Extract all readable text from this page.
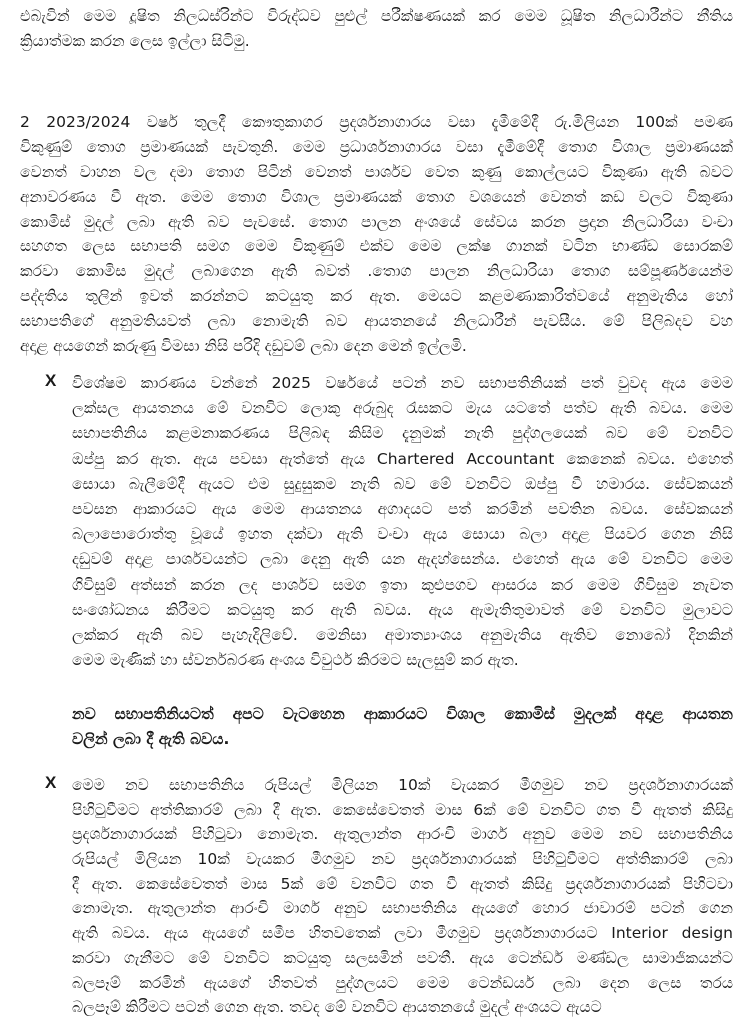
එබැවින් මෙම දූෂිත නිලධස්රින්ට විරුද්ධව පුළුල් පරීක්ෂණයක් කර මෙම ධූෂිත නිලධාරීන්ට නීතිය
ක්‍රියාත්මක කරන ලෙස ඉල්ලා සිටිමු.
2 2023/2024 වර්ෂ තුලදී කෞතුකාගර ප්‍රදර්ශනාගාරය වසා දැමීමේදී රු.මිලියන 100ක් පමණ
විකුණුම් තොග ප්‍රමාණයක් පැවතුනි. මෙම ප්‍රධාර්ශනාගාරය වසා දැමීමේදී තොග විශාල ප්‍රමාණයක්
වෙනත් වාහන වල දමා තොග පිටින් වෙනත් පාර්ශව වෙත කුණු කොල්ලයට විකුණා ඇති බවට
අනාවරණය වී ඇත. මෙම තොග විශාල ප්‍රමාණයක් තොග වශයෙන් වෙනත් කඩ වලට විකුණා
කොමිස් මුදල් ලබා ඇති බව පැවසේ. තොග පාලන අංශයේ සේවය කරන ප්‍රදාන නිලධාරියා වංචා
සහගත ලෙස සභාපති සමග මෙම විකුණුම් එක්ව මෙම ලක්ෂ ගානක් වටින භාණ්ඩ සොරකම්
කරවා කොමිස මුදල් ලබාගෙන ඇති බවත් .තොග පාලන නිලධාරියා තොග සම්පූර්ණයෙන්ම
පද්දතිය තුලින් ඉවත් කරන්නට කටයුතු කර ඇත. මෙයට කළමණාකාරිත්වයේ අනුමැතිය හෝ
සභාපතිගේ අනුමතියවත් ලබා නොමැති බව ආයතනයේ නිලධාරීන් පැවසීය. මේ පිලිබදව වහ
අදාළ අයගෙන් කරුණු විමසා නිසි පරිදි දඩුවම් ලබා දෙන මෙන් ඉල්ලමි.
X විශේෂම කාරණය වන්නේ 2025 වර්ෂයේ පටන් නව සභාපතිනියක් පත් වුවද ඇය මෙම
ලක්සල ආයතනය මේ වනවිට ලොකු අරුබුද රැසකට මැය යටතේ පත්ව ඇති බවය. මෙම
සභාපතිනිය කළමනාකරණය පිලිබඳ කිසිම දැනුමක් නැති පුද්ගලයෙක් බව මේ වනවිට
ඔප්පු කර ඇත. ඇය පවසා ඇත්තේ ඇය Chartered Accountant කෙනෙක් බවය. එහෙත්
සොයා බැලීමේදී ඇයට එම සුදුසුකම නැති බව මේ වනවිට ඔප්පු වී හමාරය. සේවකයන්
පවසන ආකාරයට ඇය මෙම ආයතනය අගාදයට පත් කරමින් පවතින බවය. සේවකයන්
බලාපොරොත්තු වූයේ ඉහත දක්වා ඇති වංචා ඇය සොයා බලා අදාළ පියවර ගෙන නිසි
දඩුවම් අදාළ පාර්ශවයන්ට ලබා දෙනු ඇති යන ඇදහ්සෙන්ය. එහෙත් ඇය මේ වනවිට මෙම
ගිවිසුම් අත්සන් කරන ලද පාර්ශව සමග ඉතා කුළුපගව ආසරය කර මෙම ගිවිසුම නැවත
සංශෝධනය කිරීමට කටයුතු කර ඇති බවය. ඇය ඇමැතිතුමාවත් මේ වනවිට මුලාවට
ලක්කර ඇති බව පැහැදිලිවේ. මෙනිසා අමාත්‍යාංශය අනුමැතිය ඇතිව නොබෝ දිනකින්
මෙම මැණික් හා ස්වර්නබරණ අංශය විවුර්ථ කිරමට සැලසුම් කර ඇත.
නව සභාපතිනියටත් අපට වැටහෙන ආකාරයට විශාල කොමිස් මුදලක් අදාළ ආයතන
වලින් ලබා දී ඇති බවය.
X මෙම නව සභාපතිනිය රුපියල් මිලියන 10ක් වැයකර මීගමුව නව ප්‍රදර්ශනාගාරයක්
පිහිටුවීමට අත්තිකාරම් ලබා දී ඇත. කෙසේවෙතත් මාස 6ක් මේ වනවිට ගත වී ඇතත් කිසිදු
ප්‍රදර්ශනාගාරයක් පිහිටුවා නොමැත. ඇතුලාන්ත ආරංචි මාර්ග අනුව මෙම නව සභාපතිනිය
රුපියල් මිලියන 10ක් වැයකර මීගමුව නව ප්‍රදර්ශනාගාරයක් පිහිටුවීමට අත්තිකාරම් ලබා
දී ඇත. කෙසේවෙතත් මාස 5ක් මේ වනවිට ගත වී ඇතත් කිසිදු ප්‍රදර්ශනාගාරයක් පිහිටවා
නොමැත. ඇතුලාන්ත ආරංචි මාර්ග අනුව සභාපතිනිය ඇයගේ හොර ජාවාරම් පටන් ගෙන
ඇති බවය. ඇය ඇයගේ සමීප හිතවතෙක් ලවා මීගමුව ප්‍රදර්ශනාගාරයට Interior design
කරවා ගැනීමට මේ වනවිට කටයුතු සලසමින් පවතී. ඇය ටෙන්ඩර් මණ්ඩල සාමාජිකයන්ට
බලපෑම් කරමින් ඇයගේ හිතවත් පුද්ගලයට මෙම ටෙන්ඩර්ය ලබා දෙන ලෙස තරය
බලපෑම් කිරීමට පටන් ගෙන ඇත. තවද මේ වනවිට ආයතනයේ මුදල් අංශයට ඇයට
